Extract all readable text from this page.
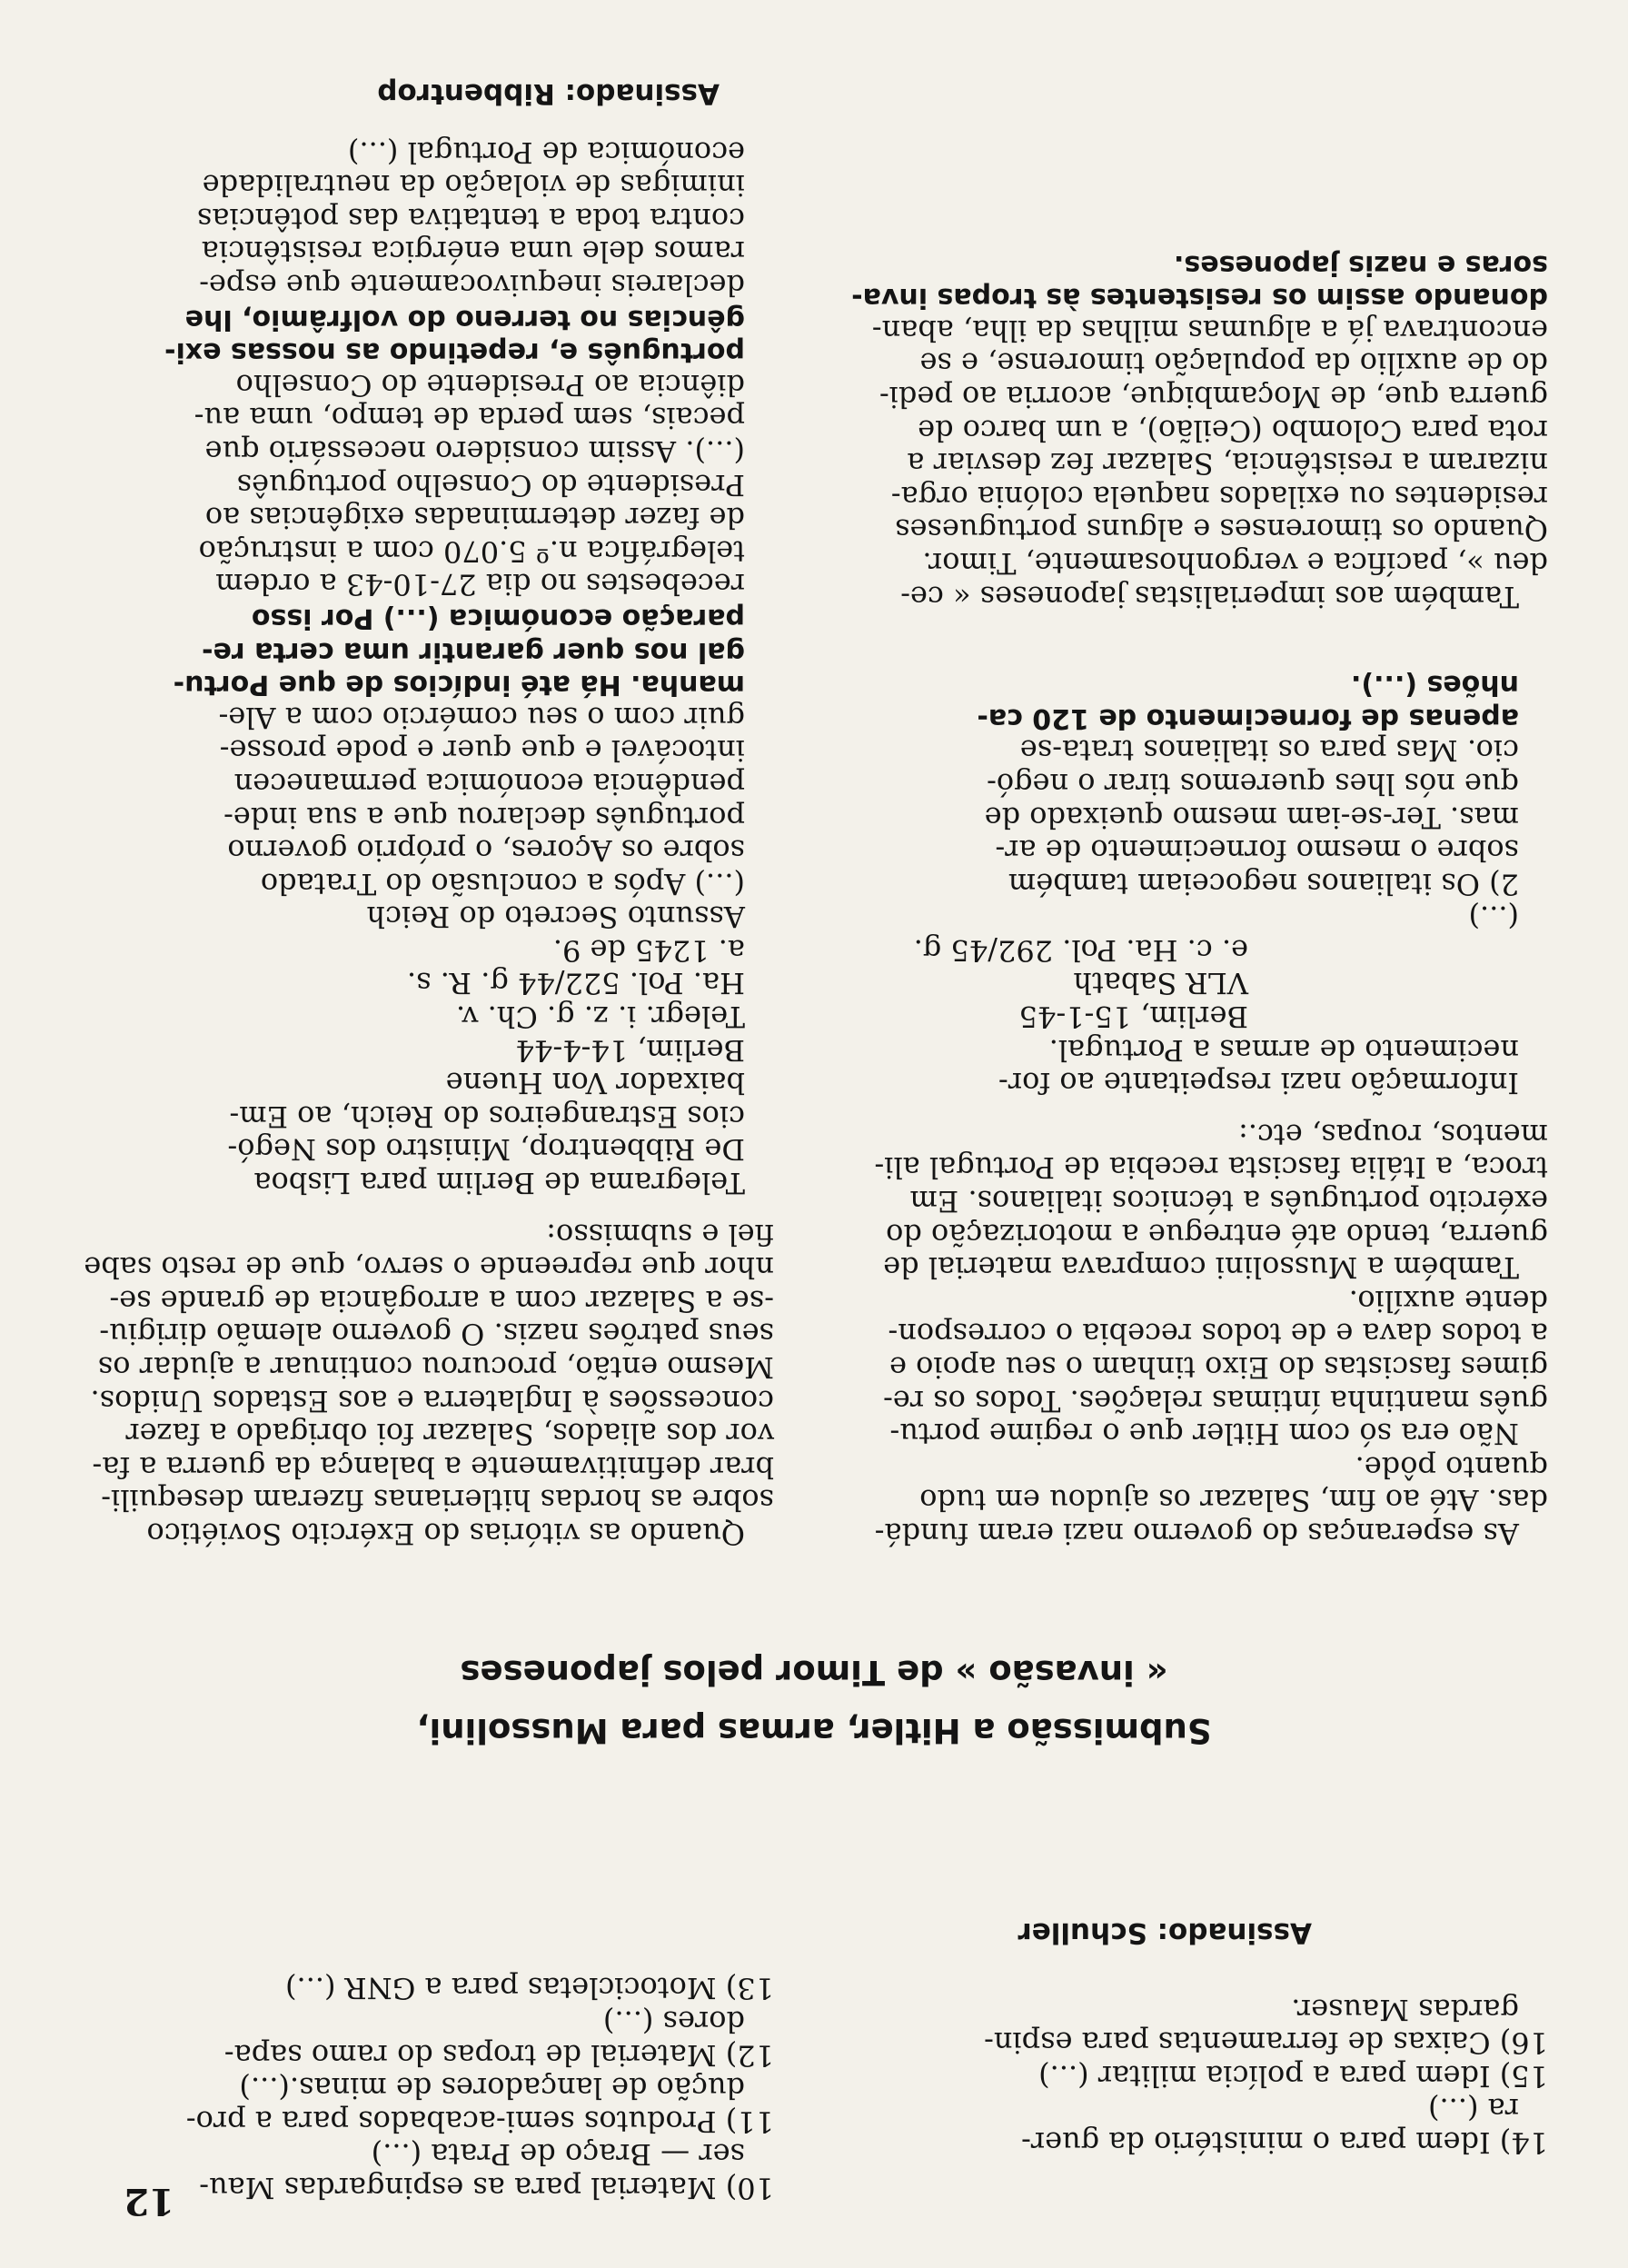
12 10) Material para as espingardas Mau-
ser — Braço de Prata (...)
11) Produtos semi-acabados para a pro-
dução de lançadores de minas.(...)
12) Material de tropas do ramo sapa-
dores (...)
13) Motocicletas para a GNR (...)
14) Idem para o ministério da guer-
ra (...)
15) Idem para a polícia militar (...)
16) Caixas de ferramentas para espin-
gardas Mauser.
Assinado: Schuller
Submissão a Hitler, armas para Mussolini,
« invasão » de Timor pelos japoneses
Quando as vitórias do Exército Soviético
sobre as hordas hitlerianas fizeram desequili-
brar definitivamente a balança da guerra a fa-
vor dos aliados, Salazar foi obrigado a fazer
concessões à Inglaterra e aos Estados Unidos.
Mesmo então, procurou continuar a ajudar os
seus patrões nazis. O governo alemão dirigiu-
-se a Salazar com a arrogância de grande se-
nhor que repreende o servo, que de resto sabe
fiel e submisso:
Telegrama de Berlim para Lisboa
De Ribbentrop, Ministro dos Negó-
cios Estrangeiros do Reich, ao Em-
baixador Von Huene
Berlim, 14-4-44
Telegr. i. z. g. Ch. v.
Ha. Pol. 522/44 g. R. s.
a. 1245 de 9.
Assunto Secreto do Reich
(...) Após a conclusão do Tratado
sobre os Açores, o próprio governo
português declarou que a sua inde-
pendência económica permanecen
intocável e que quer e pode prosse-
guir com o seu comércio com a Ale-
manha. Há até indícios de que Portu-
gal nos quer garantir uma certa re-
paração económica (...) Por isso
recebestes no dia 27-10-43 a ordem
telegráfica n.º 5.070 com a instrução
de fazer determinadas exigências ao
Presidente do Conselho português
(...). Assim considero necessário que
pecais, sem perda de tempo, uma au-
diência ao Presidente do Conselho
português e, repetindo as nossas exi-
gências no terreno do volfrâmio, lhe
declareis inequivocamente que espe-
ramos dele uma enérgica resistência
contra toda a tentativa das potências
inimigas de violação da neutralidade
económica de Portugal (...)
Assinado: Ribbentrop
As esperanças do governo nazi eram fundá-
das. Até ao fim, Salazar os ajudou em tudo
quanto pôde.
Não era só com Hitler que o regime portu-
guês mantinha íntimas relações. Todos os re-
gimes fascistas do Eixo tinham o seu apoio e
a todos dava e de todos recebia o correspon-
dente auxílio.
Também a Mussolini comprava material de
guerra, tendo até entregue a motorização do
exército português a técnicos italianos. Em
troca, a Itália fascista recebia de Portugal ali-
mentos, roupas, etc.:
Informação nazi respeitante ao for-
necimento de armas a Portugal.
Berlim, 15-1-45
VLR Sabath
e. c. Ha. Pol. 292/45 g.
(...)
2) Os italianos negoceiam também
sobre o mesmo fornecimento de ar-
mas. Ter-se-iam mesmo queixado de
que nós lhes queremos tirar o negó-
cio. Mas para os italianos trata-se
apenas de fornecimento de 120 ca-
nhões (...).
Também aos imperialistas japoneses « ce-
deu », pacífica e vergonhosamente, Timor.
Quando os timorenses e alguns portugueses
residentes ou exilados naquela colónia orga-
nizaram a resistência, Salazar fez desviar a
rota para Colombo (Ceilão), a um barco de
guerra que, de Moçambique, acorria ao pedi-
do de auxílio da população timorense, e se
encontrava já a algumas milhas da ilha, aban-
donando assim os resistentes às tropas inva-
soras e nazis japoneses.
